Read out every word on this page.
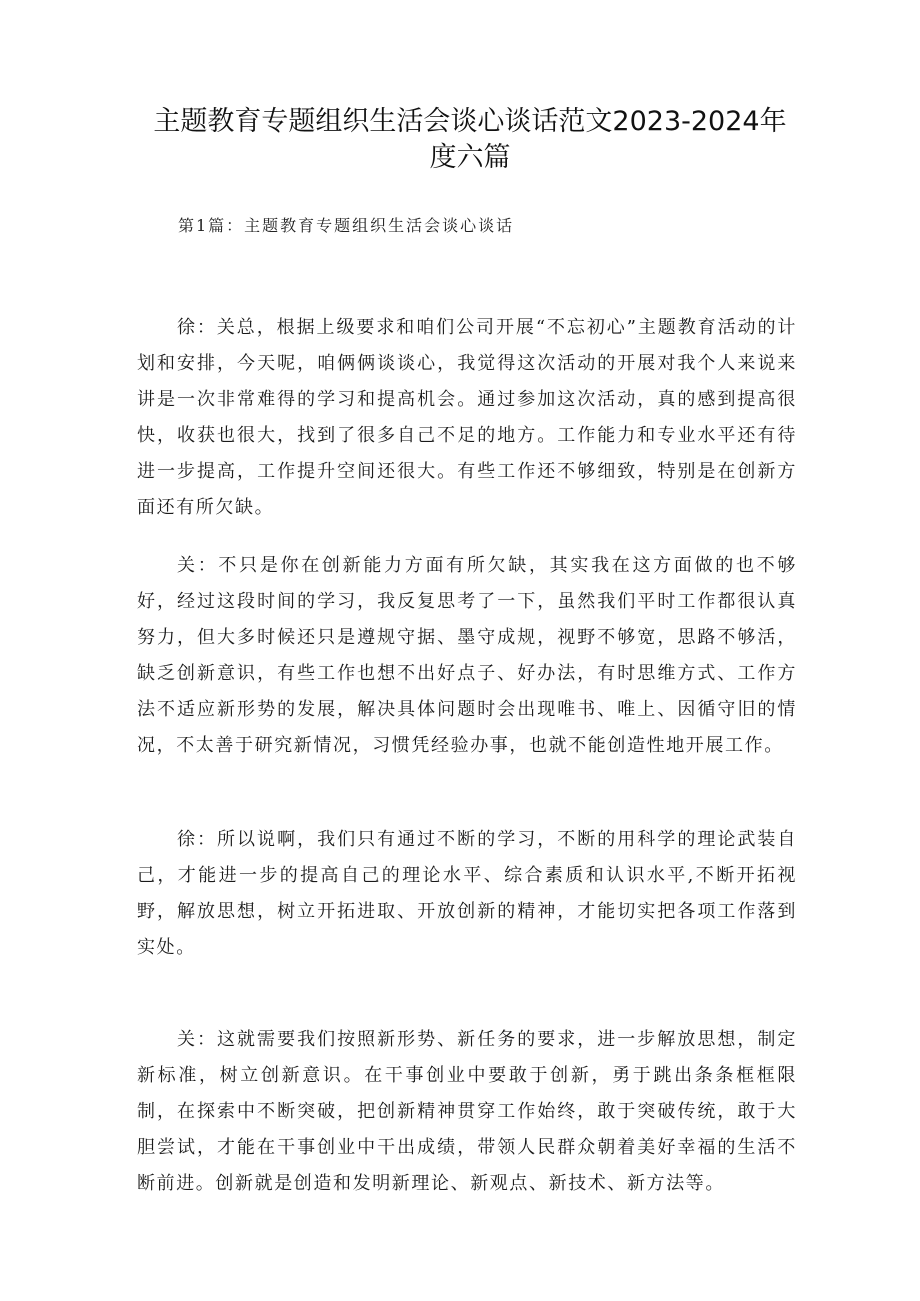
主题教育专题组织生活会谈心谈话范文2023-2024年度六篇

第1篇：主题教育专题组织生活会谈心谈话

徐：关总，根据上级要求和咱们公司开展“不忘初心”主题教育活动的计划和安排，今天呢，咱俩俩谈谈心，我觉得这次活动的开展对我个人来说来讲是一次非常难得的学习和提高机会。通过参加这次活动，真的感到提高很快，收获也很大，找到了很多自己不足的地方。工作能力和专业水平还有待进一步提高，工作提升空间还很大。有些工作还不够细致，特别是在创新方面还有所欠缺。

关：不只是你在创新能力方面有所欠缺，其实我在这方面做的也不够好，经过这段时间的学习，我反复思考了一下，虽然我们平时工作都很认真努力，但大多时候还只是遵规守据、墨守成规，视野不够宽，思路不够活，缺乏创新意识，有些工作也想不出好点子、好办法，有时思维方式、工作方法不适应新形势的发展，解决具体问题时会出现唯书、唯上、因循守旧的情况，不太善于研究新情况，习惯凭经验办事，也就不能创造性地开展工作。

徐：所以说啊，我们只有通过不断的学习，不断的用科学的理论武装自己，才能进一步的提高自己的理论水平、综合素质和认识水平,不断开拓视野，解放思想，树立开拓进取、开放创新的精神，才能切实把各项工作落到实处。

关：这就需要我们按照新形势、新任务的要求，进一步解放思想，制定新标准，树立创新意识。在干事创业中要敢于创新，勇于跳出条条框框限制，在探索中不断突破，把创新精神贯穿工作始终，敢于突破传统，敢于大胆尝试，才能在干事创业中干出成绩，带领人民群众朝着美好幸福的生活不断前进。创新就是创造和发明新理论、新观点、新技术、新方法等。
